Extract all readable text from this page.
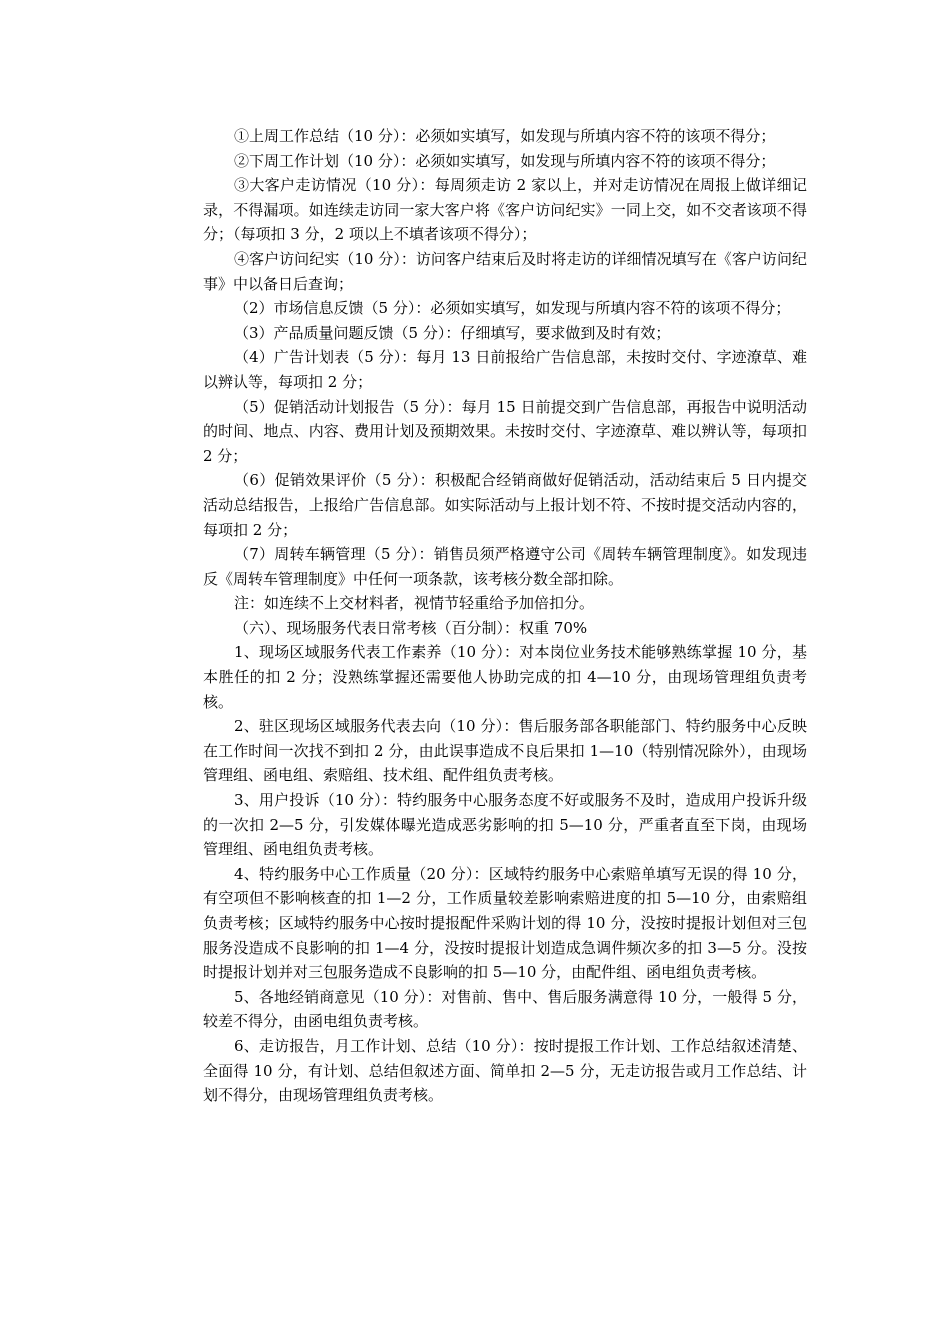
①上周工作总结（10 分）：必须如实填写，如发现与所填内容不符的该项不得分；

②下周工作计划（10 分）：必须如实填写，如发现与所填内容不符的该项不得分；

③大客户走访情况（10 分）：每周须走访 2 家以上，并对走访情况在周报上做详细记录，不得漏项。如连续走访同一家大客户将《客户访问纪实》一同上交，如不交者该项不得分；（每项扣 3 分，2 项以上不填者该项不得分）；

④客户访问纪实（10 分）：访问客户结束后及时将走访的详细情况填写在《客户访问纪事》中以备日后查询；

（2）市场信息反馈（5 分）：必须如实填写，如发现与所填内容不符的该项不得分；

（3）产品质量问题反馈（5 分）：仔细填写，要求做到及时有效；

（4）广告计划表（5 分）：每月 13 日前报给广告信息部，未按时交付、字迹潦草、难以辨认等，每项扣 2 分；

（5）促销活动计划报告（5 分）：每月 15 日前提交到广告信息部，再报告中说明活动的时间、地点、内容、费用计划及预期效果。未按时交付、字迹潦草、难以辨认等，每项扣 2 分；

（6）促销效果评价（5 分）：积极配合经销商做好促销活动，活动结束后 5 日内提交活动总结报告，上报给广告信息部。如实际活动与上报计划不符、不按时提交活动内容的，每项扣 2 分；

（7）周转车辆管理（5 分）：销售员须严格遵守公司《周转车辆管理制度》。如发现违反《周转车管理制度》中任何一项条款，该考核分数全部扣除。

注：如连续不上交材料者，视情节轻重给予加倍扣分。

（六）、现场服务代表日常考核（百分制）：权重 70%

1、现场区域服务代表工作素养（10 分）：对本岗位业务技术能够熟练掌握 10 分，基本胜任的扣 2 分；没熟练掌握还需要他人协助完成的扣 4—10 分，由现场管理组负责考核。

2、驻区现场区域服务代表去向（10 分）：售后服务部各职能部门、特约服务中心反映在工作时间一次找不到扣 2 分，由此误事造成不良后果扣 1—10（特别情况除外），由现场管理组、函电组、索赔组、技术组、配件组负责考核。

3、用户投诉（10 分）：特约服务中心服务态度不好或服务不及时，造成用户投诉升级的一次扣 2—5 分，引发媒体曝光造成恶劣影响的扣 5—10 分，严重者直至下岗，由现场管理组、函电组负责考核。

4、特约服务中心工作质量（20 分）：区域特约服务中心索赔单填写无误的得 10 分，有空项但不影响核查的扣 1—2 分，工作质量较差影响索赔进度的扣 5—10 分，由索赔组负责考核；区域特约服务中心按时提报配件采购计划的得 10 分，没按时提报计划但对三包服务没造成不良影响的扣 1—4 分，没按时提报计划造成急调件频次多的扣 3—5 分。没按时提报计划并对三包服务造成不良影响的扣 5—10 分，由配件组、函电组负责考核。

5、各地经销商意见（10 分）：对售前、售中、售后服务满意得 10 分，一般得 5 分，较差不得分，由函电组负责考核。

6、走访报告，月工作计划、总结（10 分）：按时提报工作计划、工作总结叙述清楚、全面得 10 分，有计划、总结但叙述方面、简单扣 2—5 分，无走访报告或月工作总结、计划不得分，由现场管理组负责考核。
